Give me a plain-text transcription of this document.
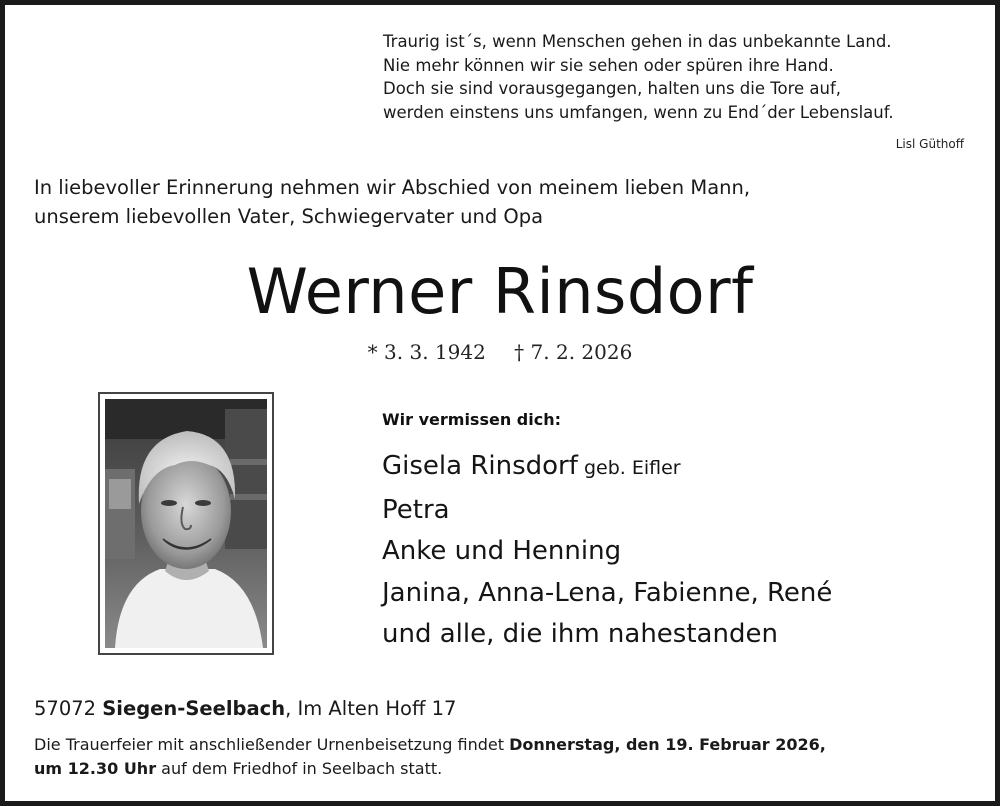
Traurig ist´s, wenn Menschen gehen in das unbekannte Land.
Nie mehr können wir sie sehen oder spüren ihre Hand.
Doch sie sind vorausgegangen, halten uns die Tore auf,
werden einstens uns umfangen, wenn zu End´der Lebenslauf.
Lisl Güthoff
In liebevoller Erinnerung nehmen wir Abschied von meinem lieben Mann,
unserem liebevollen Vater, Schwiegervater und Opa
Werner Rinsdorf
* 3. 3. 1942 † 7. 2. 2026
Wir vermissen dich:
Gisela Rinsdorf geb. Eifler
Petra
Anke und Henning
Janina, Anna-Lena, Fabienne, René
und alle, die ihm nahestanden
57072 Siegen-Seelbach, Im Alten Hoff 17
Die Trauerfeier mit anschließender Urnenbeisetzung findet Donnerstag, den 19. Februar 2026,
um 12.30 Uhr auf dem Friedhof in Seelbach statt.
